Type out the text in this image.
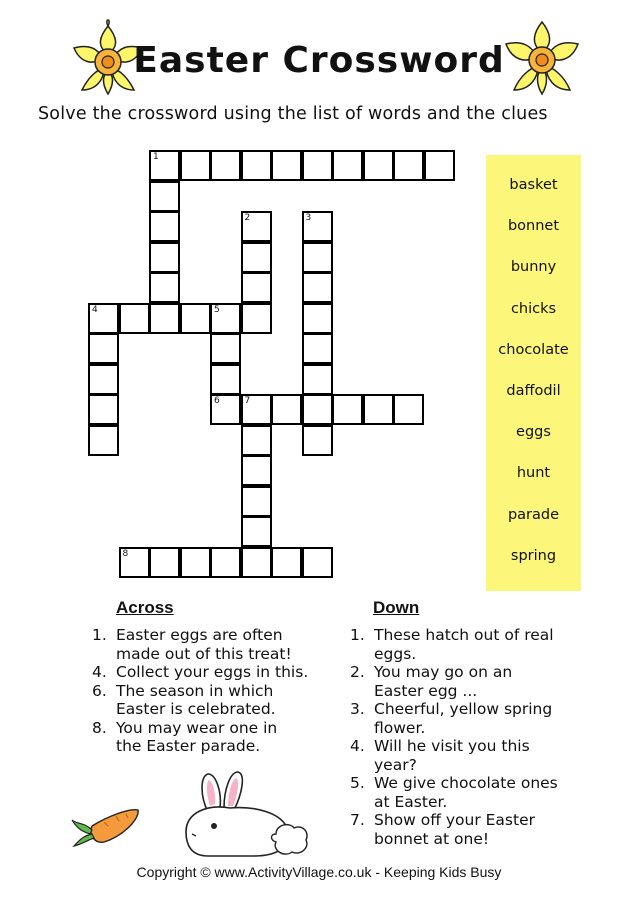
Easter Crossword
Solve the crossword using the list of words and the clues
1
2	3
4	5
6	7
8
basket
bonnet
bunny
chicks
chocolate
daffodil
eggs
hunt
parade
spring
Across
1. Easter eggs are often
made out of this treat!
4. Collect your eggs in this.
6. The season in which
Easter is celebrated.
8. You may wear one in
the Easter parade.
Down
1. These hatch out of real
eggs.
2. You may go on an
Easter egg ...
3. Cheerful, yellow spring
flower.
4. Will he visit you this
year?
5. We give chocolate ones
at Easter.
7. Show off your Easter
bonnet at one!
Copyright © www.ActivityVillage.co.uk - Keeping Kids Busy
